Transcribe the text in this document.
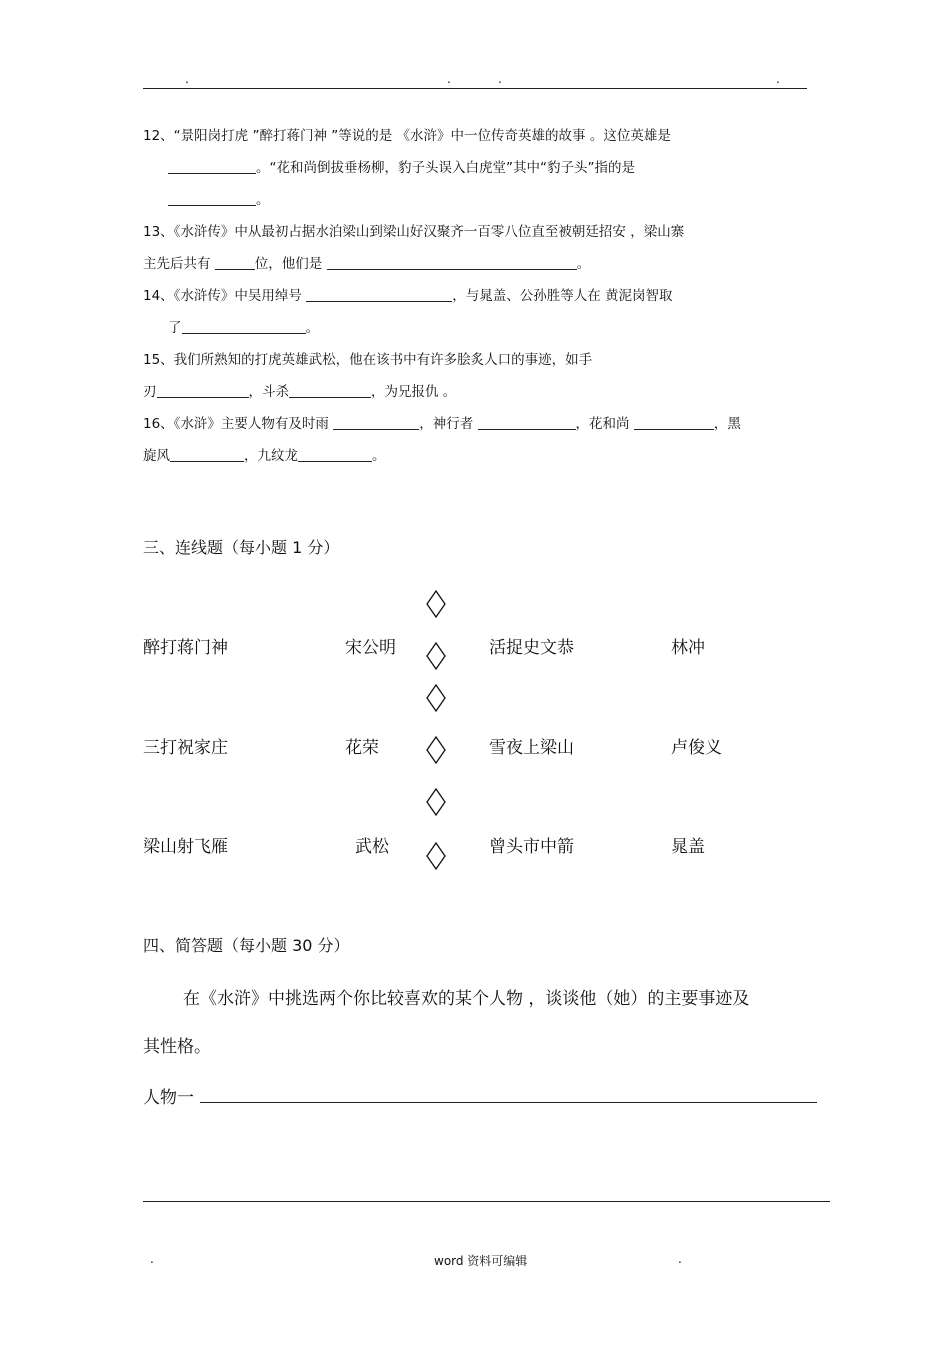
.	.	.	.
12、“景阳岗打虎 ”醉打蒋门神 ”等说的是 《水浒》中一位传奇英雄的故事 。这位英雄是
。“花和尚倒拔垂杨柳，豹子头误入白虎堂”其中“豹子头”指的是
。
13、《水浒传》中从最初占据水泊梁山到梁山好汉聚齐一百零八位直至被朝廷招安 ，梁山寨
主先后共有	位，他们是	。
14、《水浒传》中吴用绰号	，与晁盖、公孙胜等人在 黄泥岗智取
了	。
15、我们所熟知的打虎英雄武松，他在该书中有许多脍炙人口的事迹，如手
刃	，斗杀	，为兄报仇 。
16、《水浒》主要人物有及时雨	，神行者	，花和尚	，黑
旋风	，九纹龙	。
三、连线题（每小题 1 分）
醉打蒋门神	宋公明	活捉史文恭	林冲
三打祝家庄	花荣	雪夜上梁山	卢俊义
梁山射飞雁	武松	曾头市中箭	晁盖
四、简答题（每小题 30 分）
在《水浒》中挑选两个你比较喜欢的某个人物 ，谈谈他（她）的主要事迹及
其性格。
人物一
.	word 资料可编辑	.
